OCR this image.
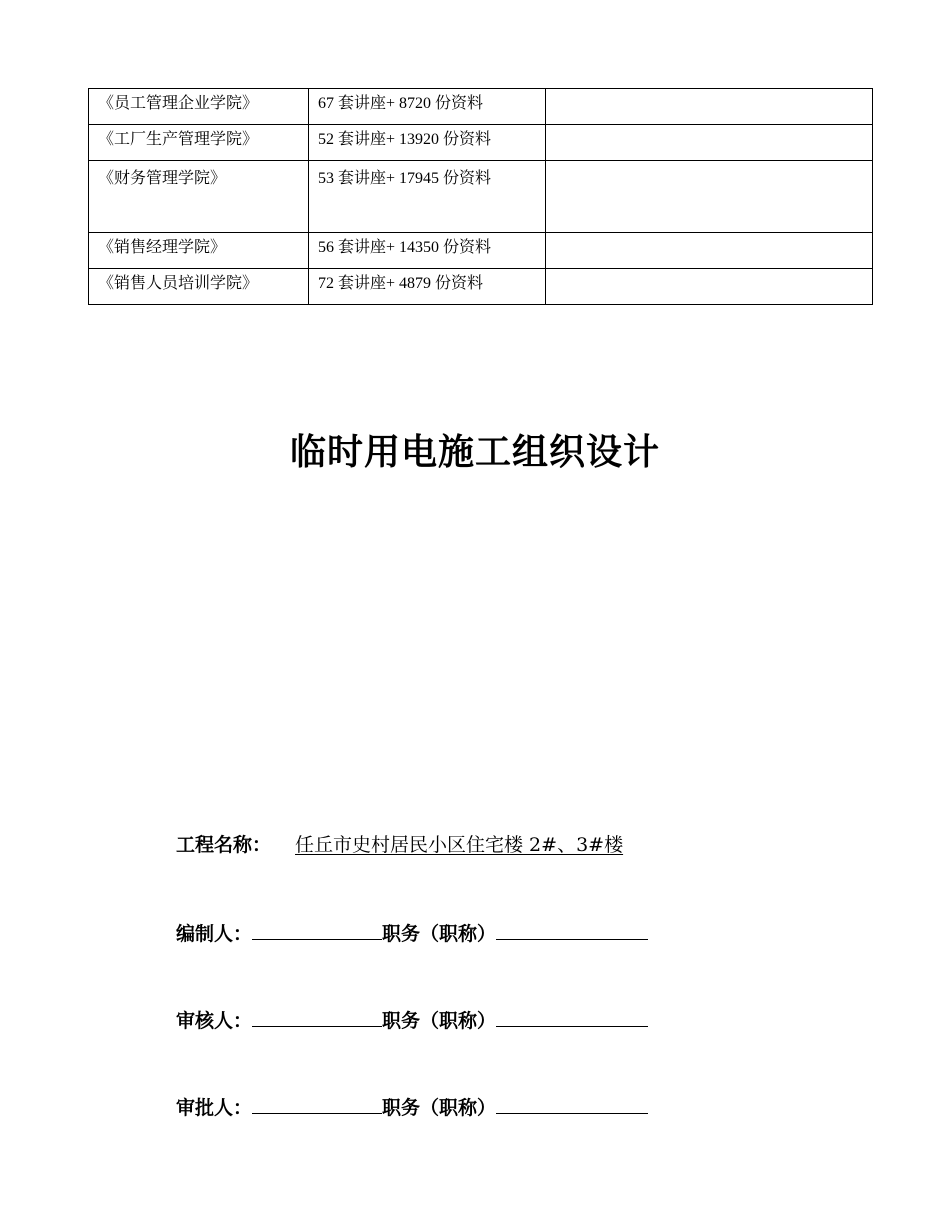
《员工管理企业学院》	67 套讲座+ 8720 份资料	

《工厂生产管理学院》	52 套讲座+ 13920 份资料	

《财务管理学院》	53 套讲座+ 17945 份资料	

《销售经理学院》	56 套讲座+ 14350 份资料	

《销售人员培训学院》	72 套讲座+ 4879 份资料	

临时用电施工组织设计
工程名称： 任丘市史村居民小区住宅楼 2#、3#楼
编制人：	职务（职称）
审核人：	职务（职称）
审批人：	职务（职称）
